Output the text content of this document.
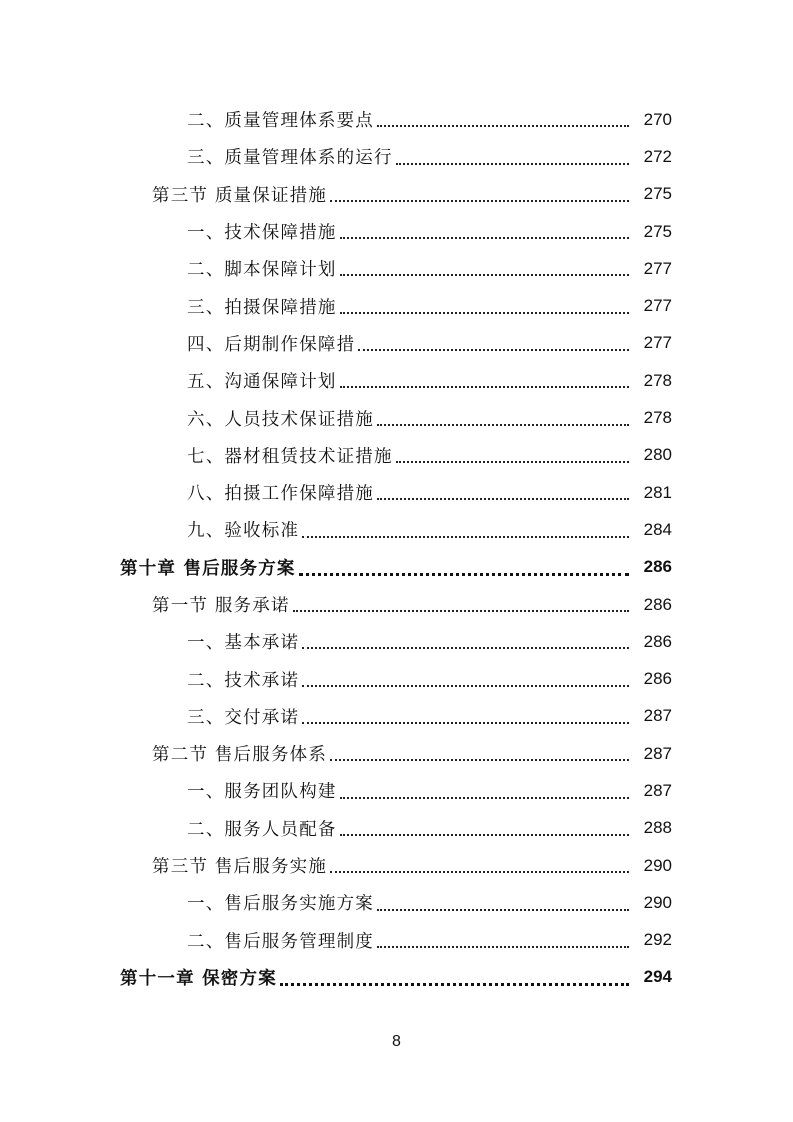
二、质量管理体系要点	270
三、质量管理体系的运行	272
第三节 质量保证措施	275
一、技术保障措施	275
二、脚本保障计划	277
三、拍摄保障措施	277
四、后期制作保障措	277
五、沟通保障计划	278
六、人员技术保证措施	278
七、器材租赁技术证措施	280
八、拍摄工作保障措施	281
九、验收标准	284
第十章 售后服务方案	286
第一节 服务承诺	286
一、基本承诺	286
二、技术承诺	286
三、交付承诺	287
第二节 售后服务体系	287
一、服务团队构建	287
二、服务人员配备	288
第三节 售后服务实施	290
一、售后服务实施方案	290
二、售后服务管理制度	292
第十一章 保密方案	294
8
